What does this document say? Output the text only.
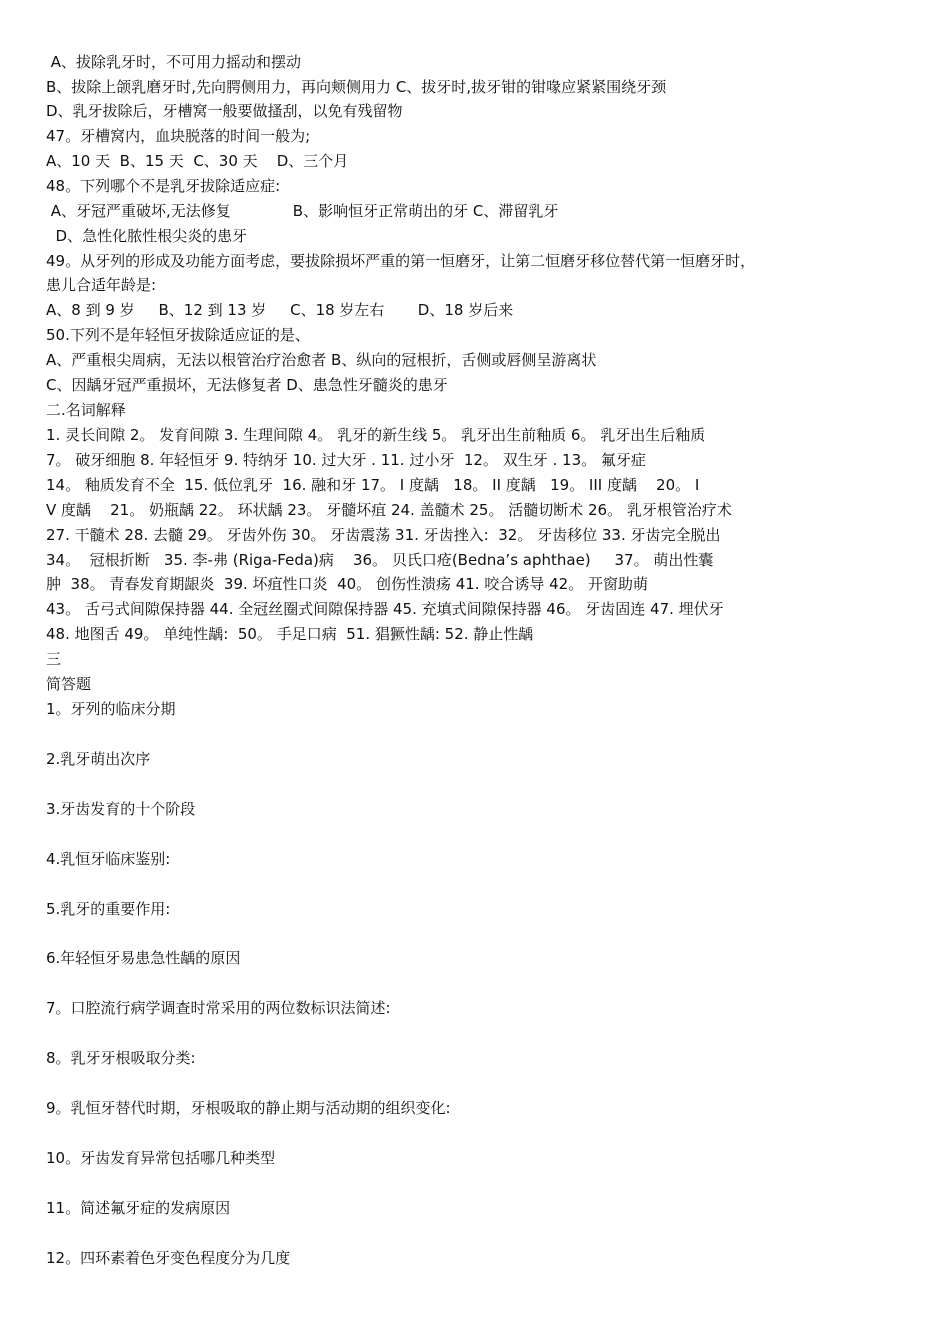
A、拔除乳牙时，不可用力摇动和摆动
B、拔除上颌乳磨牙时,先向腭侧用力，再向颊侧用力 C、拔牙时,拔牙钳的钳喙应紧紧围绕牙颈
D、乳牙拔除后，牙槽窝一般要做搔刮，以免有残留物
47。牙槽窝内，血块脱落的时间一般为;
A、10 天  B、15 天  C、30 天    D、三个月
48。下列哪个不是乳牙拔除适应症:
A、牙冠严重破坏,无法修复             B、影响恒牙正常萌出的牙 C、滞留乳牙
D、急性化脓性根尖炎的患牙
49。从牙列的形成及功能方面考虑，要拔除损坏严重的第一恒磨牙，让第二恒磨牙移位替代第一恒磨牙时，
患儿合适年龄是:
A、8 到 9 岁     B、12 到 13 岁     C、18 岁左右       D、18 岁后来
50.下列不是年轻恒牙拔除适应证的是、
A、严重根尖周病，无法以根管治疗治愈者 B、纵向的冠根折，舌侧或唇侧呈游离状
C、因龋牙冠严重损坏，无法修复者 D、患急性牙髓炎的患牙
二.名词解释
1. 灵长间隙 2。 发育间隙 3. 生理间隙 4。 乳牙的新生线 5。 乳牙出生前釉质 6。 乳牙出生后釉质
7。 破牙细胞 8. 年轻恒牙 9. 特纳牙 10. 过大牙 . 11. 过小牙  12。 双生牙 . 13。 氟牙症
14。 釉质发育不全  15. 低位乳牙  16. 融和牙 17。 I 度龋   18。 II 度龋   19。 III 度龋    20。 I
V 度龋    21。 奶瓶龋 22。 环状龋 23。 牙髓坏疽 24. 盖髓术 25。 活髓切断术 26。 乳牙根管治疗术
27. 干髓术 28. 去髓 29。 牙齿外伤 30。 牙齿震荡 31. 牙齿挫入:  32。 牙齿移位 33. 牙齿完全脱出
34。  冠根折断   35. 李-弗 (Riga-Feda)病    36。 贝氏口疮(Bedna’s aphthae)     37。 萌出性囊
肿  38。 青春发育期龈炎  39. 坏疽性口炎  40。 创伤性溃疡 41. 咬合诱导 42。 开窗助萌
43。 舌弓式间隙保持器 44. 全冠丝圈式间隙保持器 45. 充填式间隙保持器 46。 牙齿固连 47. 埋伏牙
48. 地图舌 49。 单纯性龋:  50。 手足口病  51. 猖獗性龋: 52. 静止性龋
三
简答题
1。牙列的临床分期
2.乳牙萌出次序
3.牙齿发育的十个阶段
4.乳恒牙临床鉴别:
5.乳牙的重要作用:
6.年轻恒牙易患急性龋的原因
7。口腔流行病学调查时常采用的两位数标识法简述:
8。乳牙牙根吸取分类:
9。乳恒牙替代时期，牙根吸取的静止期与活动期的组织变化:
10。牙齿发育异常包括哪几种类型
11。简述氟牙症的发病原因
12。四环素着色牙变色程度分为几度
